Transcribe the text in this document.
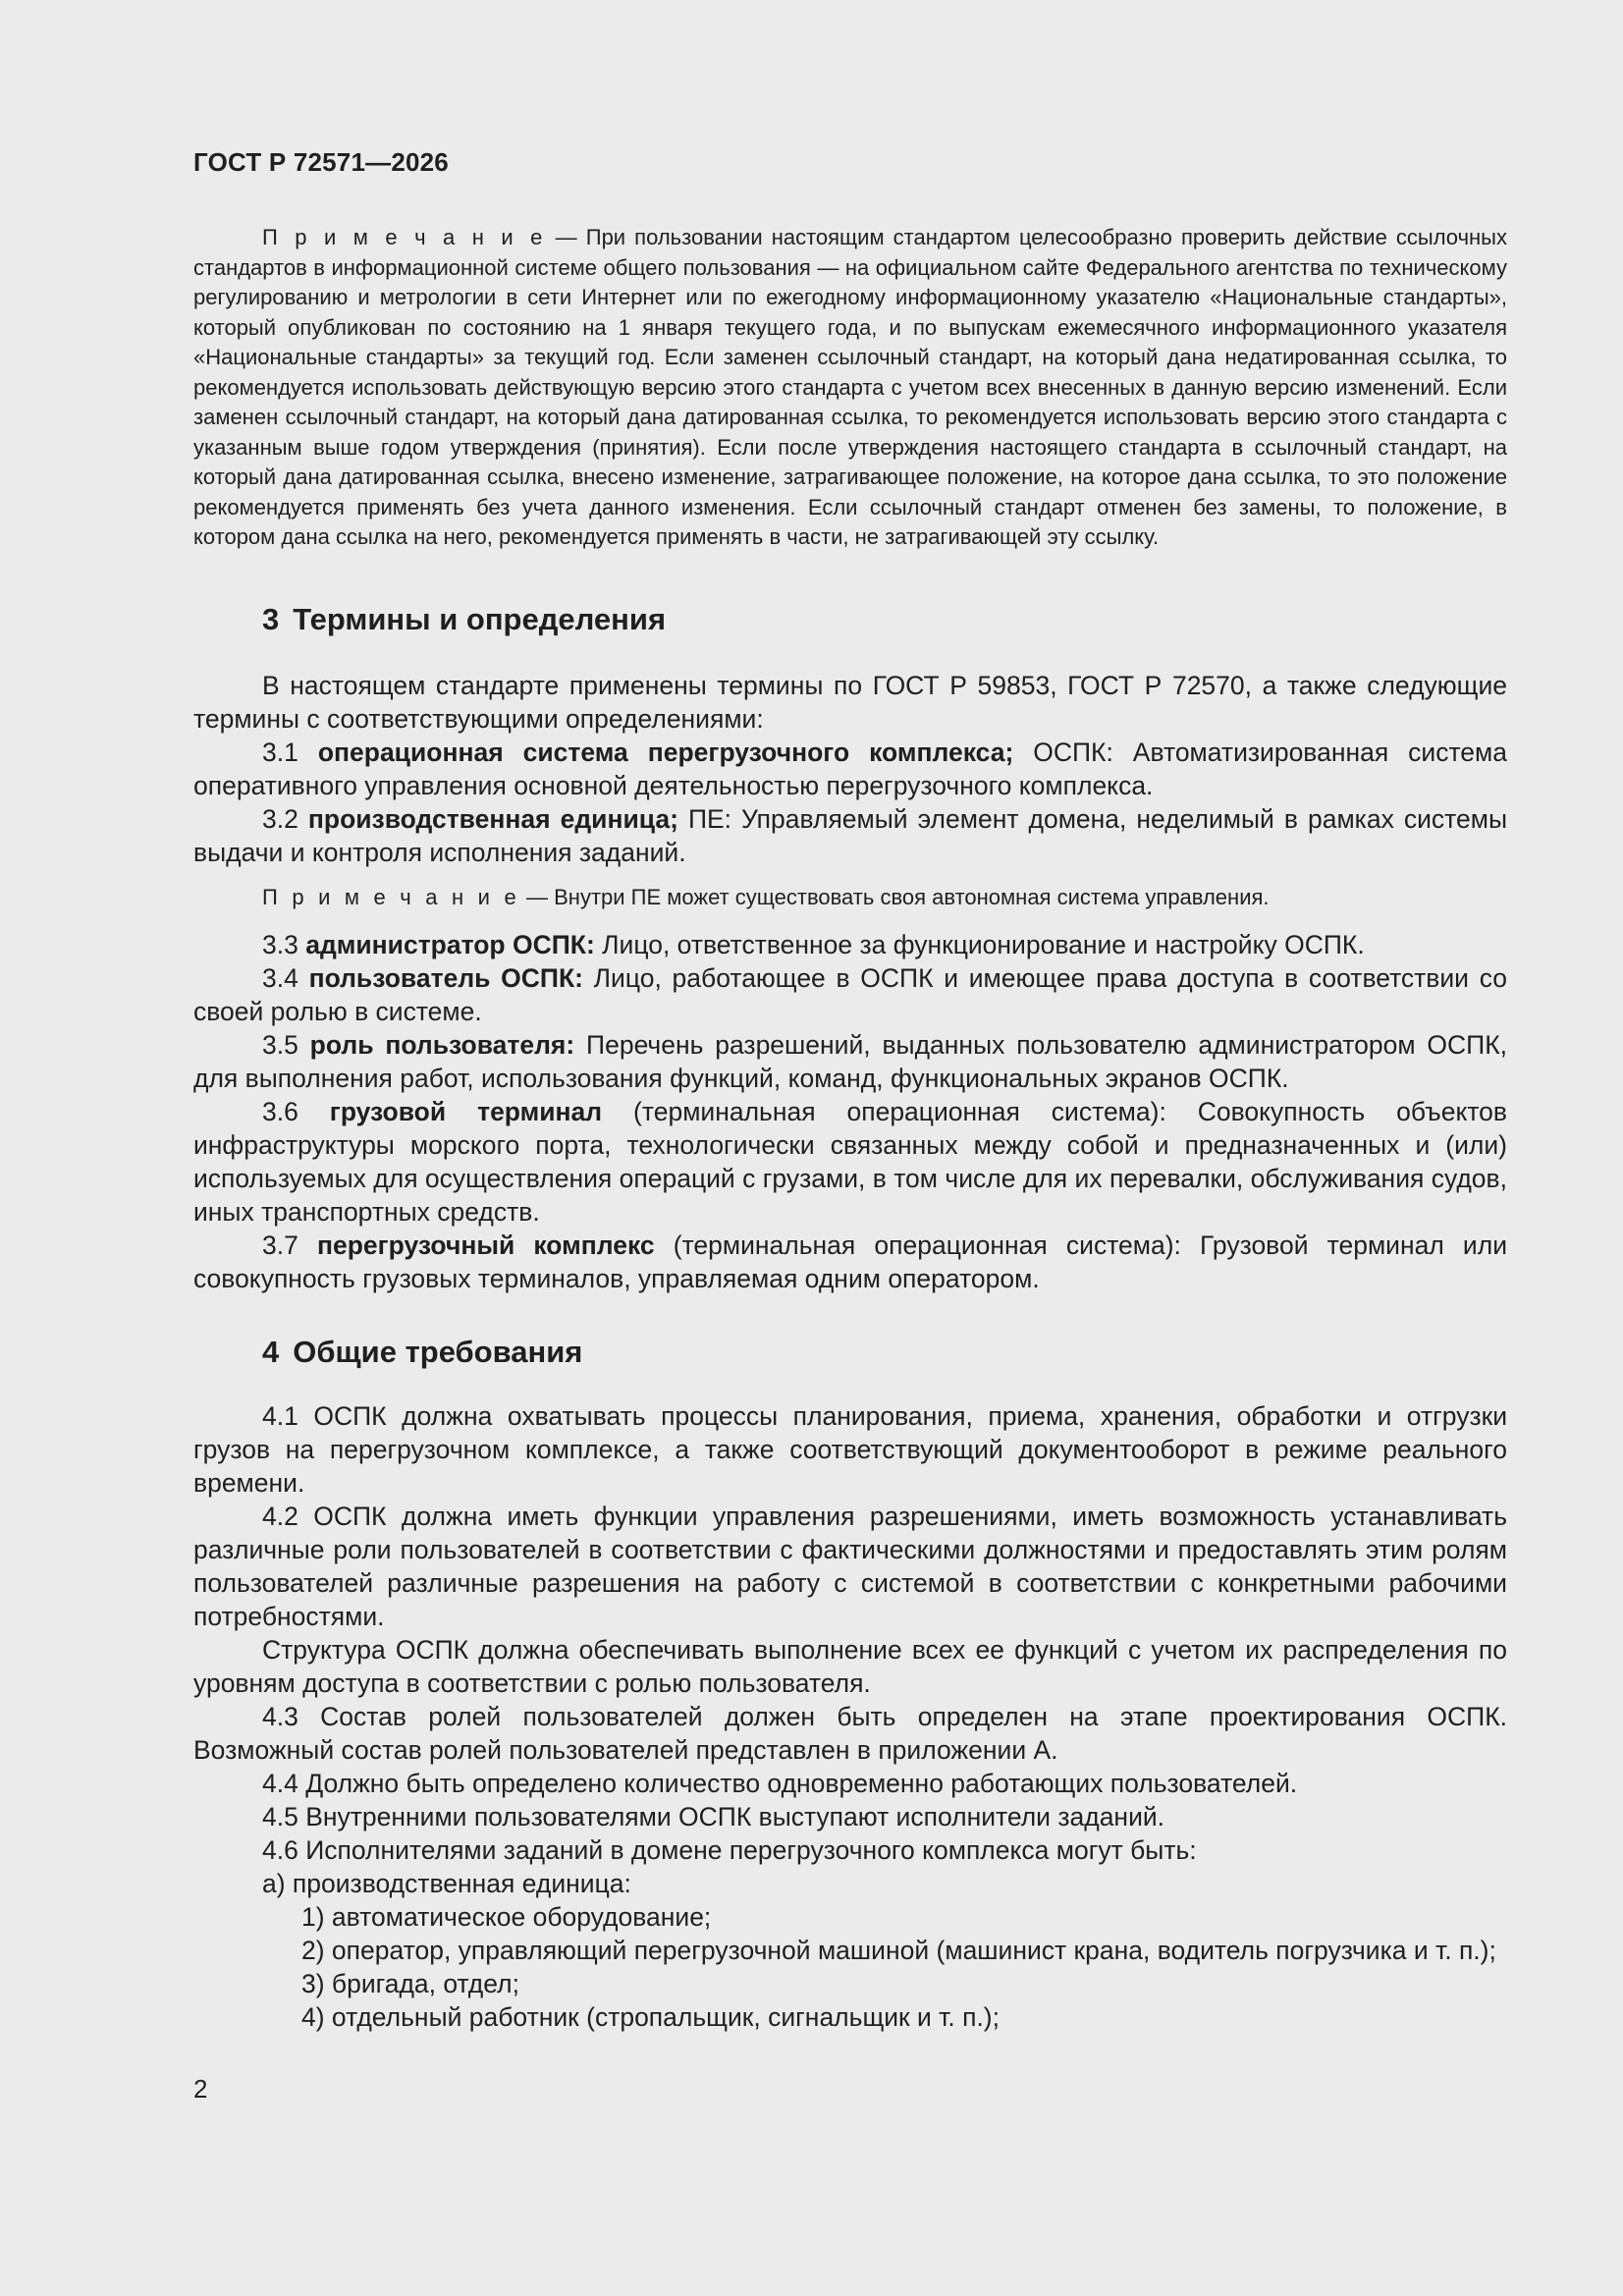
ГОСТ Р 72571—2026

П р и м е ч а н и е — При пользовании настоящим стандартом целесообразно проверить действие ссылочных стандартов в информационной системе общего пользования — на официальном сайте Федерального агентства по техническому регулированию и метрологии в сети Интернет или по ежегодному информационному указателю «Национальные стандарты», который опубликован по состоянию на 1 января текущего года, и по выпускам ежемесячного информационного указателя «Национальные стандарты» за текущий год. Если заменен ссылочный стандарт, на который дана недатированная ссылка, то рекомендуется использовать действующую версию этого стандарта с учетом всех внесенных в данную версию изменений. Если заменен ссылочный стандарт, на который дана датированная ссылка, то рекомендуется использовать версию этого стандарта с указанным выше годом утверждения (принятия). Если после утверждения настоящего стандарта в ссылочный стандарт, на который дана датированная ссылка, внесено изменение, затрагивающее положение, на которое дана ссылка, то это положение рекомендуется применять без учета данного изменения. Если ссылочный стандарт отменен без замены, то положение, в котором дана ссылка на него, рекомендуется применять в части, не затрагивающей эту ссылку.

3 Термины и определения

В настоящем стандарте применены термины по ГОСТ Р 59853, ГОСТ Р 72570, а также следующие термины с соответствующими определениями:

3.1 операционная система перегрузочного комплекса; ОСПК: Автоматизированная система оперативного управления основной деятельностью перегрузочного комплекса.

3.2 производственная единица; ПЕ: Управляемый элемент домена, неделимый в рамках системы выдачи и контроля исполнения заданий.

П р и м е ч а н и е — Внутри ПЕ может существовать своя автономная система управления.

3.3 администратор ОСПК: Лицо, ответственное за функционирование и настройку ОСПК.

3.4 пользователь ОСПК: Лицо, работающее в ОСПК и имеющее права доступа в соответствии со своей ролью в системе.

3.5 роль пользователя: Перечень разрешений, выданных пользователю администратором ОСПК, для выполнения работ, использования функций, команд, функциональных экранов ОСПК.

3.6 грузовой терминал (терминальная операционная система): Совокупность объектов инфраструктуры морского порта, технологически связанных между собой и предназначенных и (или) используемых для осуществления операций с грузами, в том числе для их перевалки, обслуживания судов, иных транспортных средств.

3.7 перегрузочный комплекс (терминальная операционная система): Грузовой терминал или совокупность грузовых терминалов, управляемая одним оператором.

4 Общие требования

4.1 ОСПК должна охватывать процессы планирования, приема, хранения, обработки и отгрузки грузов на перегрузочном комплексе, а также соответствующий документооборот в режиме реального времени.

4.2 ОСПК должна иметь функции управления разрешениями, иметь возможность устанавливать различные роли пользователей в соответствии с фактическими должностями и предоставлять этим ролям пользователей различные разрешения на работу с системой в соответствии с конкретными рабочими потребностями.

Структура ОСПК должна обеспечивать выполнение всех ее функций с учетом их распределения по уровням доступа в соответствии с ролью пользователя.

4.3 Состав ролей пользователей должен быть определен на этапе проектирования ОСПК. Возможный состав ролей пользователей представлен в приложении А.

4.4 Должно быть определено количество одновременно работающих пользователей.

4.5 Внутренними пользователями ОСПК выступают исполнители заданий.

4.6 Исполнителями заданий в домене перегрузочного комплекса могут быть:

а) производственная единица:

1) автоматическое оборудование;

2) оператор, управляющий перегрузочной машиной (машинист крана, водитель погрузчика и т. п.);

3) бригада, отдел;

4) отдельный работник (стропальщик, сигнальщик и т. п.);

2
